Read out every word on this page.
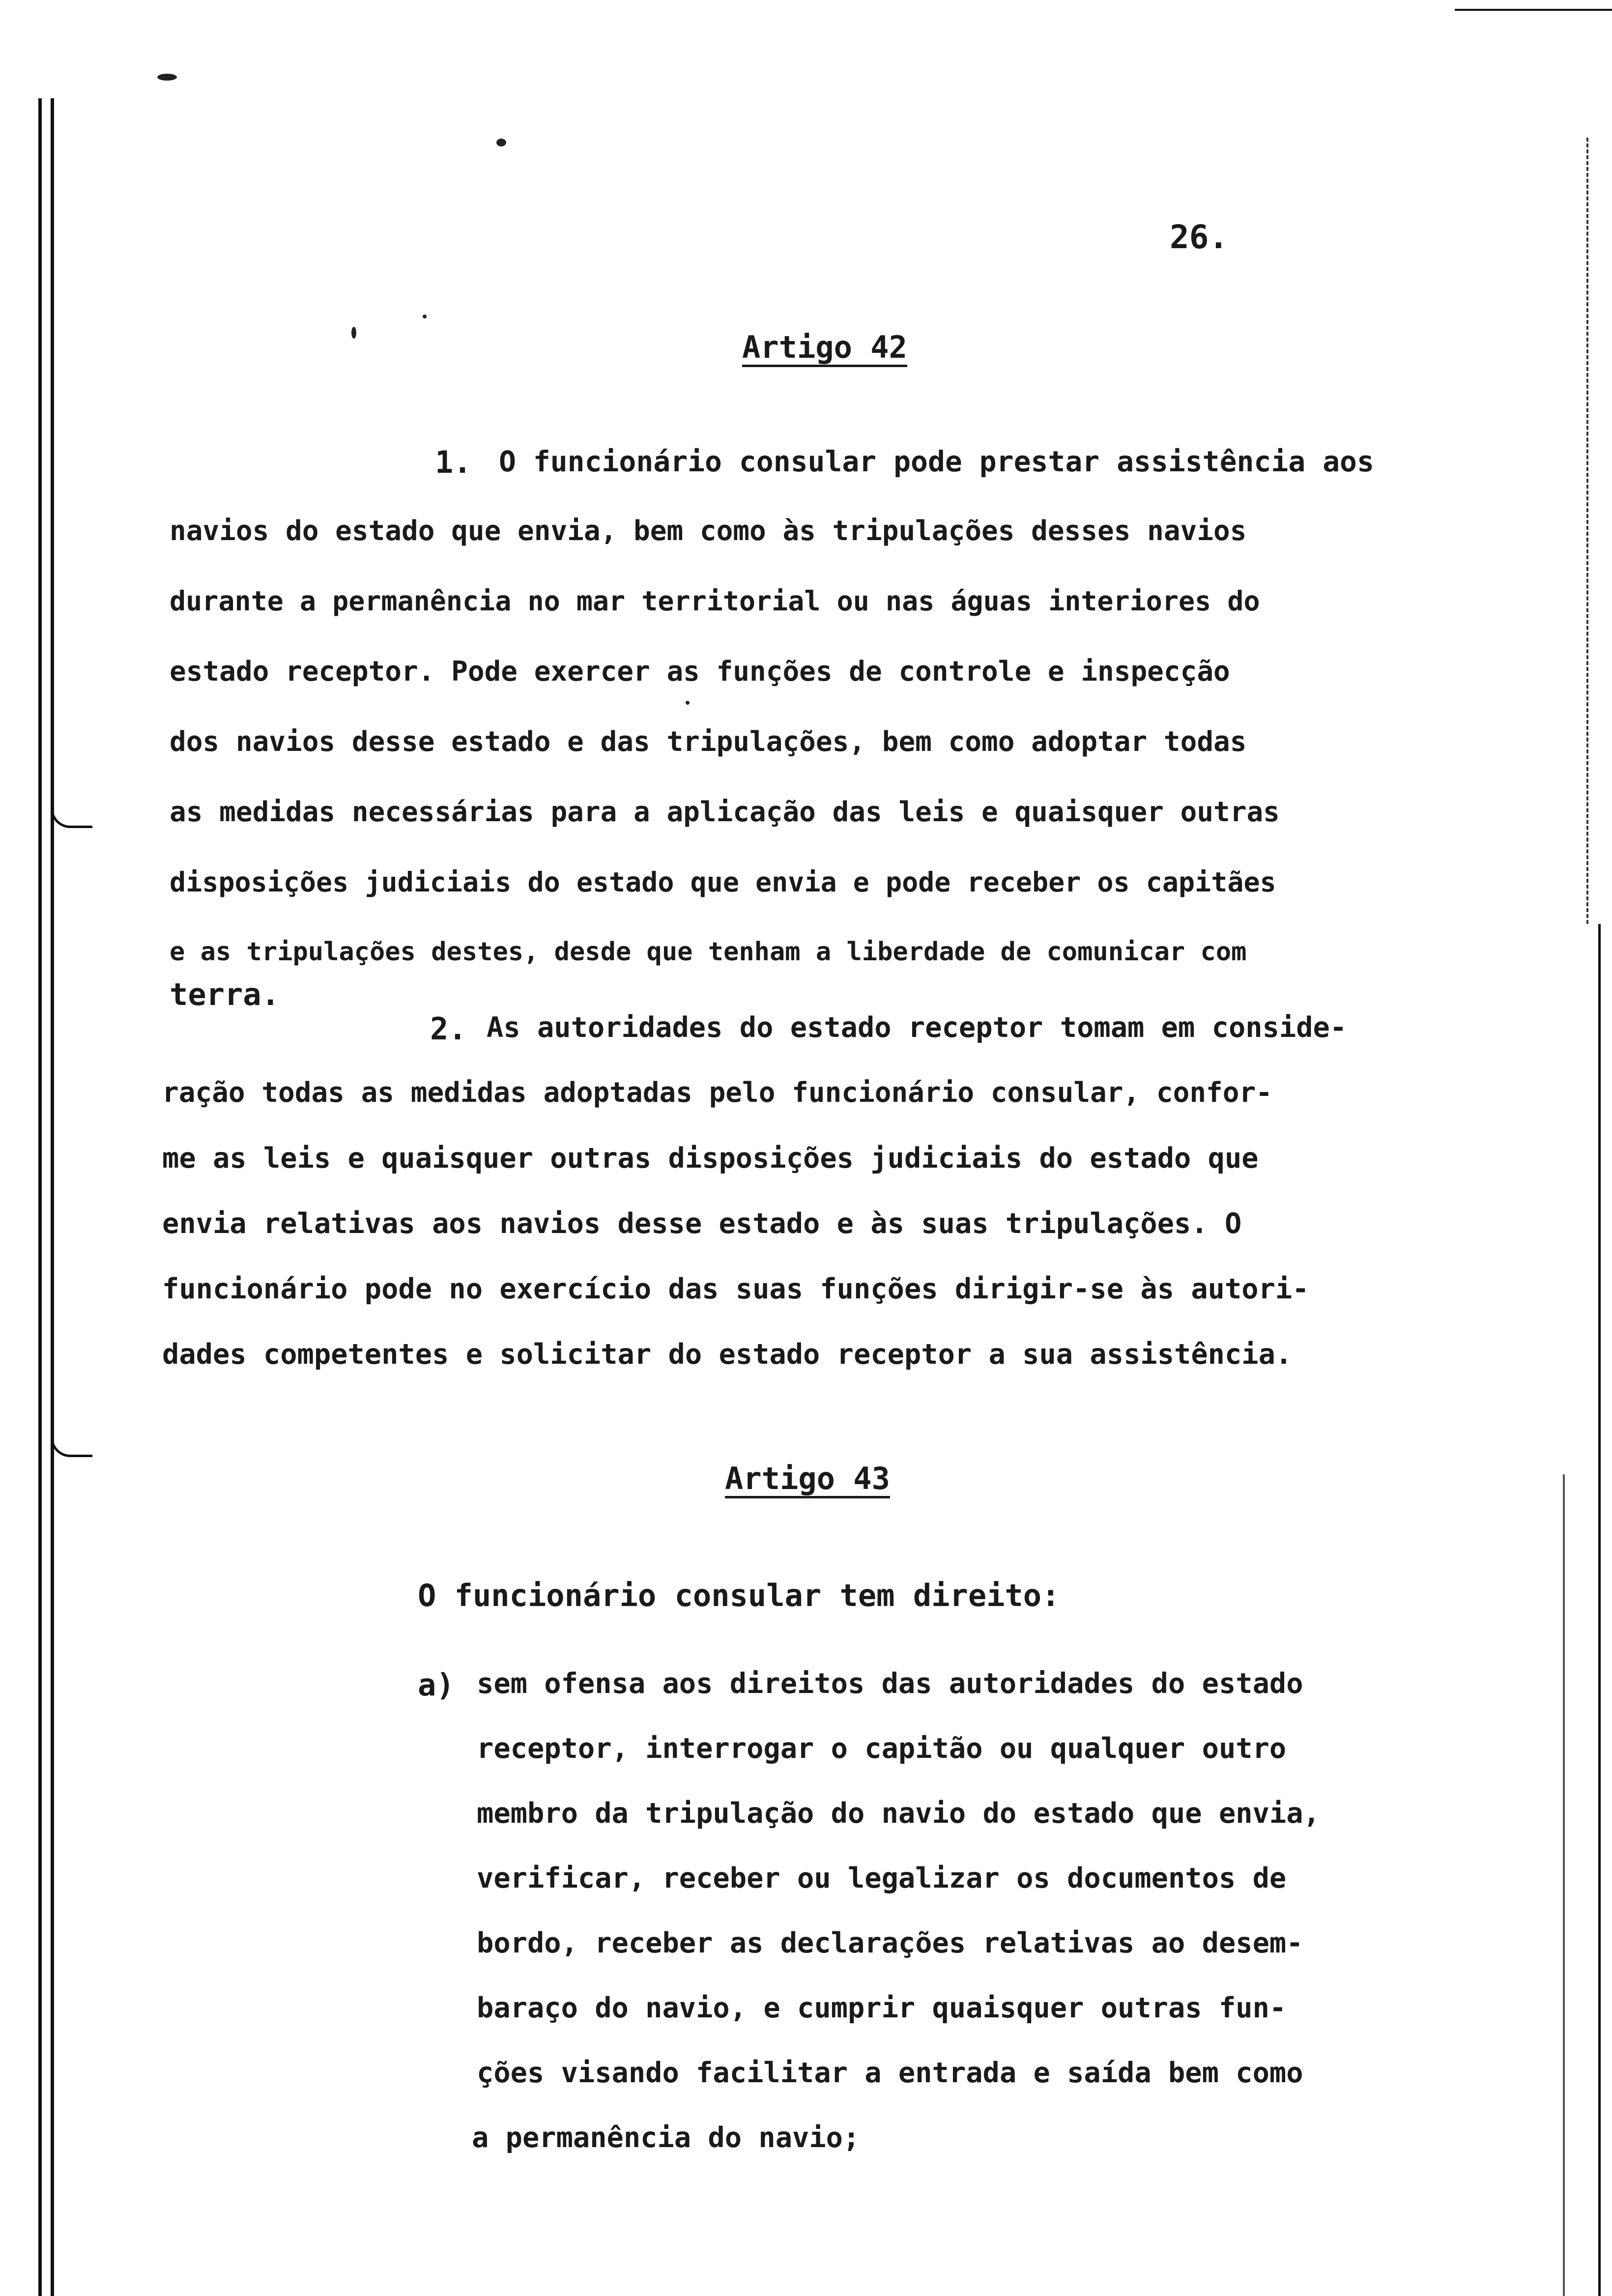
26.
Artigo 42
1. O funcionário consular pode prestar assistência aos
navios do estado que envia, bem como às tripulações desses navios
durante a permanência no mar territorial ou nas águas interiores do
estado receptor. Pode exercer as funções de controle e inspecção
dos navios desse estado e das tripulações, bem como adoptar todas
as medidas necessárias para a aplicação das leis e quaisquer outras
disposições judiciais do estado que envia e pode receber os capitães
e as tripulações destes, desde que tenham a liberdade de comunicar com
terra.
2. As autoridades do estado receptor tomam em conside-
ração todas as medidas adoptadas pelo funcionário consular, confor-
me as leis e quaisquer outras disposições judiciais do estado que
envia relativas aos navios desse estado e às suas tripulações. O
funcionário pode no exercício das suas funções dirigir-se às autori-
dades competentes e solicitar do estado receptor a sua assistência.
Artigo 43
O funcionário consular tem direito:
a) sem ofensa aos direitos das autoridades do estado
receptor, interrogar o capitão ou qualquer outro
membro da tripulação do navio do estado que envia,
verificar, receber ou legalizar os documentos de
bordo, receber as declarações relativas ao desem-
baraço do navio, e cumprir quaisquer outras fun-
ções visando facilitar a entrada e saída bem como
a permanência do navio;
